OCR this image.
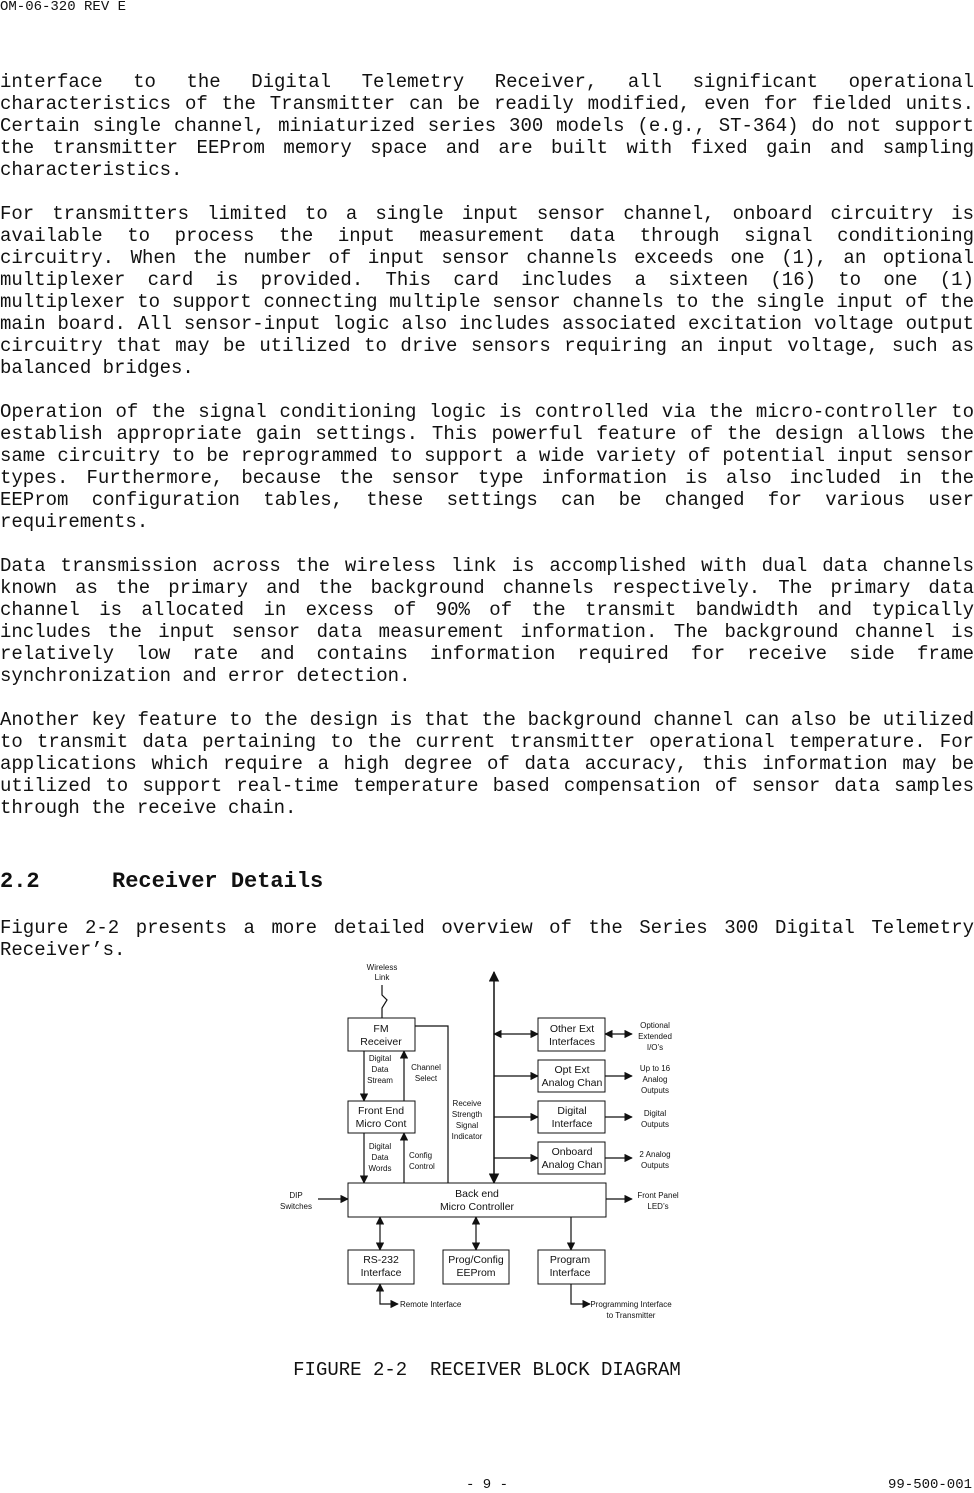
OM-06-320 REV E

interface to the Digital Telemetry Receiver, all significant operational characteristics of the Transmitter can be readily modified, even for fielded units. Certain single channel, miniaturized series 300 models (e.g., ST-364) do not support the transmitter EEProm memory space and are built with fixed gain and sampling characteristics.

For transmitters limited to a single input sensor channel, onboard circuitry is available to process the input measurement data through signal conditioning circuitry. When the number of input sensor channels exceeds one (1), an optional multiplexer card is provided. This card includes a sixteen (16) to one (1) multiplexer to support connecting multiple sensor channels to the single input of the main board. All sensor-input logic also includes associated excitation voltage output circuitry that may be utilized to drive sensors requiring an input voltage, such as balanced bridges.

Operation of the signal conditioning logic is controlled via the micro-controller to establish appropriate gain settings. This powerful feature of the design allows the same circuitry to be reprogrammed to support a wide variety of potential input sensor types. Furthermore, because the sensor type information is also included in the EEProm configuration tables, these settings can be changed for various user requirements.

Data transmission across the wireless link is accomplished with dual data channels known as the primary and the background channels respectively. The primary data channel is allocated in excess of 90% of the transmit bandwidth and typically includes the input sensor data measurement information. The background channel is relatively low rate and contains information required for receive side frame synchronization and error detection.

Another key feature to the design is that the background channel can also be utilized to transmit data pertaining to the current transmitter operational temperature. For applications which require a high degree of data accuracy, this information may be utilized to support real-time temperature based compensation of sensor data samples through the receive chain.

2.2	Receiver Details

Figure 2-2 presents a more detailed overview of the Series 300 Digital Telemetry Receiver’s.

FM Receiver
Front End Micro Cont
Back end Micro Controller
Other Ext Interfaces
Opt Ext Analog Chan
Digital Interface
Onboard Analog Chan
RS-232 Interface
Prog/Config EEProm
Program Interface
Wireless Link
Digital Data Stream
Channel Select
Digital Data Words
Config Control
Receive Strength Signal Indicator
Optional Extended I/O’s
Up to 16 Analog Outputs
Digital Outputs
2 Analog Outputs
Front Panel LED’s
DIP Switches
Remote Interface	Programming Interface to Transmitter
FIGURE 2-2  RECEIVER BLOCK DIAGRAM
- 9 -	99-500-001
